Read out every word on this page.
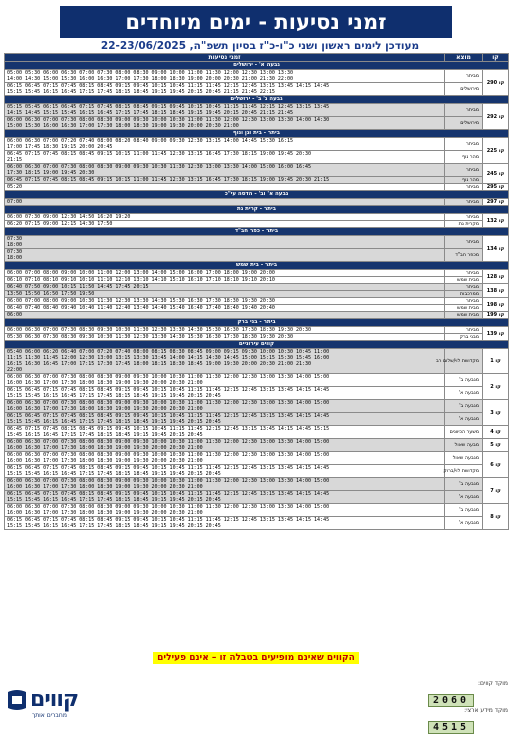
זמני נסיעות - ימים מיוחדים
מעודכן לימים ראשון ושני כ"ו-כ"ז בסיון תשפ"ה, 22-23/06/2025
זמני נסיעות	מוצא	קו
גבעה א' - ירושלים		

05:00 05:30 06:00 06:30 07:00 07:30 08:00 08:30 09:00 10:00 11:00 11:30 12:00 12:30 13:00 13:30
14:00 14:30 15:00 15:30 16:00 16:30 17:00 17:30 18:00 18:30 19:00 20:00 20:30 21:00 21:30 22:00	מביתר	קו 290

06:15 06:45 07:15 07:45 08:15 08:45 09:15 09:45 10:15 10:45 11:15 11:45 12:15 12:45 13:15 13:45 14:15 14:45
15:15 15:45 16:15 16:45 17:15 17:45 18:15 18:45 19:15 19:45 20:15 20:45 21:15 21:45 22:15	מירושלים	
גבעה ג' ב' - ירושלים		

05:15 05:45 06:15 06:45 07:15 07:45 08:15 08:45 09:15 09:45 10:15 10:45 11:15 11:45 12:15 12:45 13:15 13:45
14:15 14:45 15:15 15:45 16:15 16:45 17:15 17:45 18:15 18:45 19:15 19:45 20:15 20:45 21:15 21:45	מביתר	קו 292

06:00 06:30 07:00 07:30 08:00 08:30 09:00 09:30 10:00 10:30 11:00 11:30 12:00 12:30 13:00 13:30 14:00 14:30
15:00 15:30 16:00 16:30 17:00 17:30 18:00 18:30 19:00 19:30 20:00 20:30 21:00	מירושלים	
ביתר - בית וגן ונוף		

06:00 06:30 07:00 07:20 07:40 08:00 08:20 08:40 09:00 09:30 12:30 13:15 14:00 14:45 15:30 16:15
17:00 17:45 18:30 19:15 20:00 20:45	מביתר	קו 225

06:45 07:15 07:45 08:15 08:45 09:15 10:15 11:00 11:45 12:30 13:15 16:45 17:30 18:15 19:00 19:45 20:30
21:15	מהר נוף	

06:00 06:30 07:00 07:30 08:00 08:30 09:00 09:30 10:30 11:30 12:30 13:00 13:30 14:00 15:00 16:00 16:45
17:30 18:15 19:00 19:45 20:30	מביתר	קו 245

06:45 07:15 07:45 08:15 08:45 09:15 10:15 11:00 11:45 12:30 13:15 16:45 17:30 18:15 19:00 19:45 20:30 21:15	מהר נוף	

05:20	מביתר	קו 295
גבעה א' וב' - הדסה עי"כ		

07:00	מביתר	קו 297
ביתר - קרית גת		

06:00 07:30 09:00 12:30 14:50 16:20 19:20	מביתר	קו 132

06:20 07:15 09:00 12:15 14:30 17:50	מקרית גת	
ביתר - כפר חב"ד		

07:30
18:00	מביתר	קו 134

07:30
18:00	מכפר חב"ד	
ביתר - בית שמש		

06:00 07:00 08:00 09:00 10:00 11:00 12:00 13:00 14:00 15:00 16:00 17:00 18:00 19:00 20:00	מביתר	קו 128

06:10 07:10 08:10 09:10 10:10 11:10 12:10 13:10 14:10 15:10 16:10 17:10 18:10 19:10 20:10	מבית שמש	

06:40 07:50 09:00 10:15 11:50 14:45 17:45 20:15	מביתר	קו 138

13:50 15:50 16:50 17:50 19:50	ממרכבות	

06:00 07:00 08:00 09:00 10:30 11:30 12:30 13:30 14:30 15:30 16:30 17:30 18:30 19:30 20:30	מביתר	קו 198

06:40 07:40 08:40 09:40 10:40 11:40 12:40 13:40 14:40 15:40 16:40 17:40 18:40 19:40 20:40	מבית שמש	

06:00	מבית שמש	קו 199
ביתר - בני ברק		

06:00 06:30 07:00 07:30 08:30 09:30 10:30 11:30 12:30 13:30 14:30 15:30 16:30 17:30 18:30 19:30 20:30	מביתר	קו 139

05:30 06:30 07:30 08:30 09:30 10:30 11:30 12:30 13:30 14:30 15:30 16:30 17:30 18:30 19:30 20:30	מבני ברק	
קווים עירוניים		

05:40 06:00 06:20 06:40 07:00 07:20 07:40 08:00 08:15 08:30 08:45 09:00 09:15 09:30 10:00 10:30 10:45 11:00
11:15 11:30 11:45 12:00 12:30 13:00 13:15 13:30 13:45 14:00 14:15 14:30 14:45 15:00 15:15 15:30 15:45 16:00
16:15 16:30 16:45 17:00 17:15 17:30 17:45 18:00 18:15 18:30 18:45 19:00 19:30 20:00 20:30 21:00 21:30
22:00	מקדושת לוי/שלום רב	קו 1

06:00 06:30 07:00 07:30 08:00 08:30 09:00 09:30 10:00 10:30 11:00 11:30 12:00 12:30 13:00 13:30 14:00 15:00
16:00 16:30 17:00 17:30 18:00 18:30 19:00 19:30 20:00 20:30 21:00	מגבעה ב'	קו 2

06:15 06:45 07:15 07:45 08:15 08:45 09:15 09:45 10:15 10:45 11:15 11:45 12:15 12:45 13:15 13:45 14:15 14:45
15:15 15:45 16:15 16:45 17:15 17:45 18:15 18:45 19:15 19:45 20:15 20:45	מגבעה א'	

06:00 06:30 07:00 07:30 08:00 08:30 09:00 09:30 10:00 10:30 11:00 11:30 12:00 12:30 13:00 13:30 14:00 15:00
16:00 16:30 17:00 17:30 18:00 18:30 19:00 19:30 20:00 20:30 21:00	מגבעה ב'	קו 3

06:15 06:45 07:15 07:45 08:15 08:45 09:15 09:45 10:15 10:45 11:15 11:45 12:15 12:45 13:15 13:45 14:15 14:45
15:15 15:45 16:15 16:45 17:15 17:45 18:15 18:45 19:15 19:45 20:15 20:45	מגבעה א'	

06:45 07:15 07:45 08:15 08:45 09:15 09:45 10:15 10:45 11:15 11:45 12:15 12:45 13:15 13:45 14:15 14:45 15:15
15:45 16:15 16:45 17:15 17:45 18:15 18:45 19:15 19:45 20:15 20:45	משער הכיוונים	קו 4

06:00 06:30 07:00 07:30 08:00 08:30 09:00 09:30 10:00 10:30 11:00 11:30 12:00 12:30 13:00 13:30 14:00 15:00
16:00 16:30 17:00 17:30 18:00 18:30 19:00 19:30 20:00 20:30 21:00	מבעה שאול	קו 5

06:00 06:30 07:00 07:30 08:00 08:30 09:00 09:30 10:00 10:30 11:00 11:30 12:00 12:30 13:00 13:30 14:00 15:00
16:00 16:30 17:00 17:30 18:00 18:30 19:00 19:30 20:00 20:30 21:00	מגבעה שאול	קו 6

06:15 06:45 07:15 07:45 08:15 08:45 09:15 09:45 10:15 10:45 11:15 11:45 12:15 12:45 13:15 13:45 14:15 14:45
15:15 15:45 16:15 16:45 17:15 17:45 18:15 18:45 19:15 19:45 20:15 20:45	מקדושת לוי/ברוק	

06:00 06:30 07:00 07:30 08:00 08:30 09:00 09:30 10:00 10:30 11:00 11:30 12:00 12:30 13:00 13:30 14:00 15:00
16:00 16:30 17:00 17:30 18:00 18:30 19:00 19:30 20:00 20:30 21:00	מגבעה ב'	קו 7

06:15 06:45 07:15 07:45 08:15 08:45 09:15 09:45 10:15 10:45 11:15 11:45 12:15 12:45 13:15 13:45 14:15 14:45
15:15 15:45 16:15 16:45 17:15 17:45 18:15 18:45 19:15 19:45 20:15 20:45	מגבעה א'	

06:00 06:30 07:00 07:30 08:00 08:30 09:00 09:30 10:00 10:30 11:00 11:30 12:00 12:30 13:00 13:30 14:00 15:00
16:00 16:30 17:00 17:30 18:00 18:30 19:00 19:30 20:00 20:30 21:00	מגבעה ב'	קו 8

06:15 06:45 07:15 07:45 08:15 08:45 09:15 09:45 10:15 10:45 11:15 11:45 12:15 12:45 13:15 13:45 14:15 14:45
15:15 15:45 16:15 16:45 17:15 17:45 18:15 18:45 19:15 19:45 20:15 20:45	מגבעה א'	
הקווים שאינם מופיעים בטבלה זו – אינם פעילים
קווים
מחברים אותך
מוקד קווים:
2060
מוקד מידע ארצי:
4515
